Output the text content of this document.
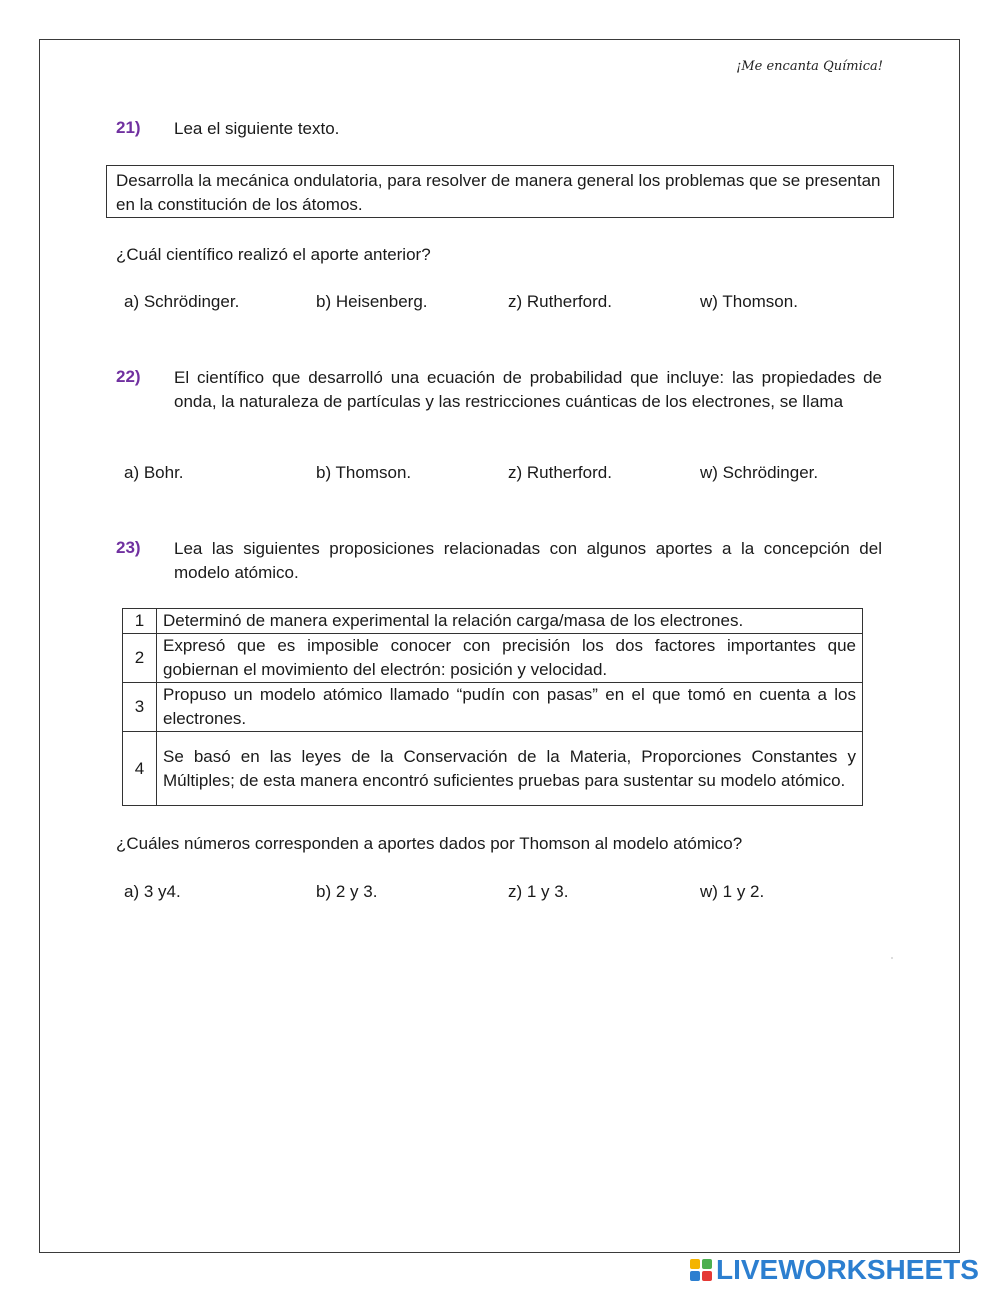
¡Me encanta Química!
21) Lea el siguiente texto.
Desarrolla la mecánica ondulatoria, para resolver de manera general los problemas que se presentan en la constitución de los átomos.
¿Cuál científico realizó el aporte anterior?
a) Schrödinger.	b) Heisenberg.	z) Rutherford.	w) Thomson.
22) El científico que desarrolló una ecuación de probabilidad que incluye: las propiedades de onda, la naturaleza de partículas y las restricciones cuánticas de los electrones, se llama
a) Bohr.	b) Thomson.	z) Rutherford.	w) Schrödinger.
23) Lea las siguientes proposiciones relacionadas con algunos aportes a la concepción del modelo atómico.
1	Determinó de manera experimental la relación carga/masa de los electrones.
2	Expresó que es imposible conocer con precisión los dos factores importantes que gobiernan el movimiento del electrón: posición y velocidad.
3	Propuso un modelo atómico llamado “pudín con pasas” en el que tomó en cuenta a los electrones.
4	Se basó en las leyes de la Conservación de la Materia, Proporciones Constantes y Múltiples; de esta manera encontró suficientes pruebas para sustentar su modelo atómico.
¿Cuáles números corresponden a aportes dados por Thomson al modelo atómico?
a) 3 y4.	b) 2 y 3.	z) 1 y 3.	w) 1 y 2.
LIVEWORKSHEETS
